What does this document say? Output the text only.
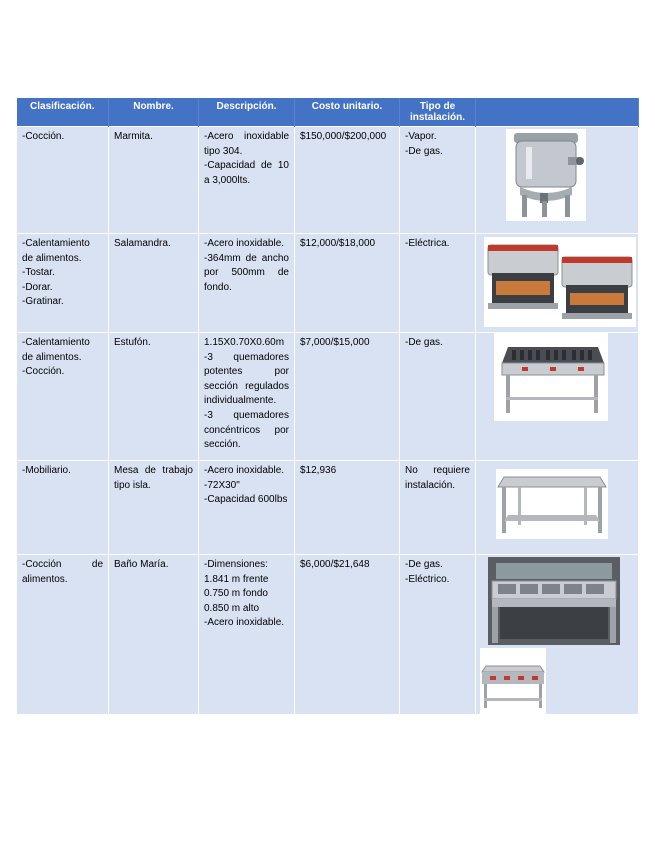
Clasificación.	Nombre.	Descripción.	Costo unitario.	Tipo de instalación.	

-Cocción.	Marmita.	-Acero inoxidable tipo 304.
-Capacidad de 10 a 3,000lts.	$150,000/$200,000	-Vapor.
-De gas.

-Calentamiento de alimentos.
-Tostar.
-Dorar.
-Gratinar.	Salamandra.	-Acero inoxidable.
-364mm de ancho por 500mm de fondo.	$12,000/$18,000	-Eléctrica.

-Calentamiento de alimentos.
-Cocción.	Estufón.	1.15X0.70X0.60m
-3 quemadores potentes por sección regulados individualmente.
-3 quemadores concéntricos por sección.	$7,000/$15,000	-De gas.

-Mobiliario.	Mesa de trabajo tipo isla.	-Acero inoxidable.
-72X30"
-Capacidad 600lbs	$12,936	No requiere instalación.

-Cocción de alimentos.	Baño María.	-Dimensiones:
1.841 m frente
0.750 m fondo
0.850 m alto
-Acero inoxidable.	$6,000/$21,648	-De gas.
-Eléctrico.
